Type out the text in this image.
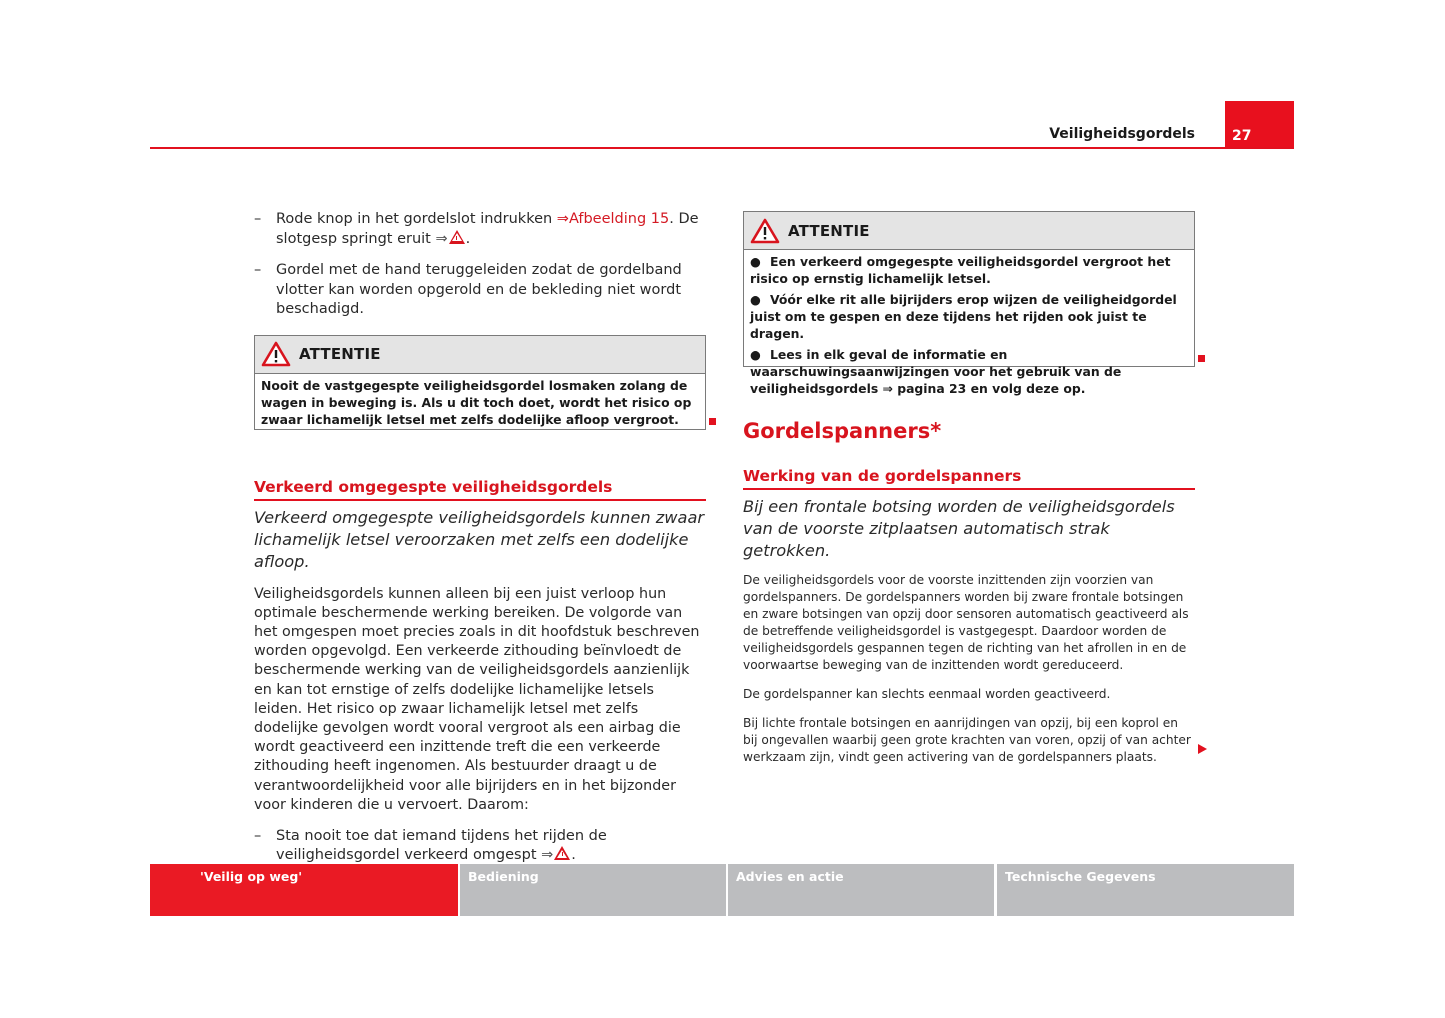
Veiligheidsgordels	27
–	Rode knop in het gordelslot indrukken ⇒Afbeelding 15. De slotgesp springt eruit ⇒ .
–	Gordel met de hand teruggeleiden zodat de gordelband vlotter kan worden opgerold en de bekleding niet wordt beschadigd.
ATTENTIE

Nooit de vastgegespte veiligheidsgordel losmaken zolang de wagen in beweging is. Als u dit toch doet, wordt het risico op zwaar lichamelijk letsel met zelfs dodelijke afloop vergroot.

Verkeerd omgegespte veiligheidsgordels
Verkeerd omgegespte veiligheidsgordels kunnen zwaar lichamelijk letsel veroorzaken met zelfs een dodelijke afloop.
Veiligheidsgordels kunnen alleen bij een juist verloop hun optimale beschermende werking bereiken. De volgorde van het omgespen moet precies zoals in dit hoofdstuk beschreven worden opgevolgd. Een verkeerde zithouding beïnvloedt de beschermende werking van de veiligheidsgordels aanzienlijk en kan tot ernstige of zelfs dodelijke lichamelijke letsels leiden. Het risico op zwaar lichamelijk letsel met zelfs dodelijke gevolgen wordt vooral vergroot als een airbag die wordt geactiveerd een inzittende treft die een verkeerde zithouding heeft ingenomen. Als bestuurder draagt u de verantwoordelijkheid voor alle bijrijders en in het bijzonder voor kinderen die u vervoert. Daarom:
–	Sta nooit toe dat iemand tijdens het rijden de veiligheidsgordel verkeerd omgespt ⇒ .
ATTENTIE

● Een verkeerd omgegespte veiligheidsgordel vergroot het risico op ernstig lichamelijk letsel.

● Vóór elke rit alle bijrijders erop wijzen de veiligheidgordel juist om te gespen en deze tijdens het rijden ook juist te dragen.

● Lees in elk geval de informatie en waarschuwingsaanwijzingen voor het gebruik van de veiligheidsgordels ⇒ pagina 23 en volg deze op.

Gordelspanners*
Werking van de gordelspanners
Bij een frontale botsing worden de veiligheidsgordels van de voorste zitplaatsen automatisch strak getrokken.
De veiligheidsgordels voor de voorste inzittenden zijn voorzien van gordelspanners. De gordelspanners worden bij zware frontale botsingen en zware botsingen van opzij door sensoren automatisch geactiveerd als de betreffende veiligheidsgordel is vastgegespt. Daardoor worden de veiligheidsgordels gespannen tegen de richting van het afrollen in en de voorwaartse beweging van de inzittenden wordt gereduceerd.
De gordelspanner kan slechts eenmaal worden geactiveerd.
Bij lichte frontale botsingen en aanrijdingen van opzij, bij een koprol en bij ongevallen waarbij geen grote krachten van voren, opzij of van achter werkzaam zijn, vindt geen activering van de gordelspanners plaats.
'Veilig op weg'	Bediening	Advies en actie	Technische Gegevens
